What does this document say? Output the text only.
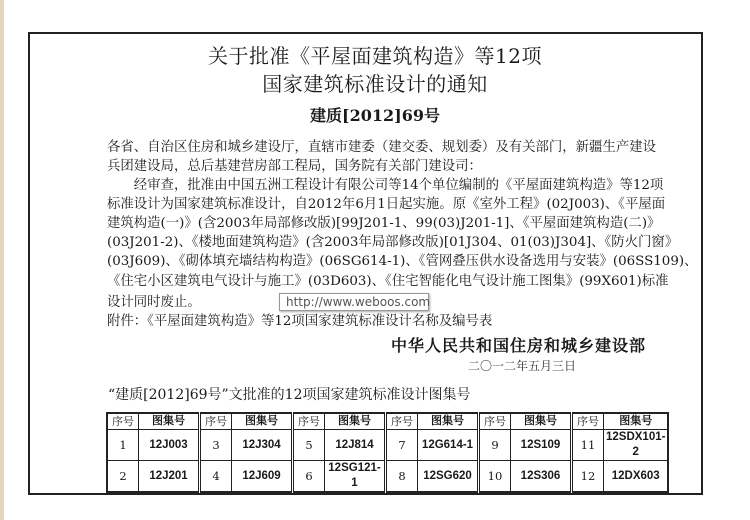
关于批准《平屋面建筑构造》等12项
国家建筑标准设计的通知
建质[2012]69号
各省、自治区住房和城乡建设厅，直辖市建委（建交委、规划委）及有关部门，新疆生产建设
兵团建设局，总后基建营房部工程局，国务院有关部门建设司：
　　经审查，批准由中国五洲工程设计有限公司等14个单位编制的《平屋面建筑构造》等12项
标准设计为国家建筑标准设计，自2012年6月1日起实施。原《室外工程》(02J003)、《平屋面
建筑构造(一)》(含2003年局部修改版)[99J201-1、99(03)J201-1]、《平屋面建筑构造(二)》
(03J201-2)、《楼地面建筑构造》(含2003年局部修改版)[01J304、01(03)J304]、《防火门窗》
(03J609)、《砌体填充墙结构构造》(06SG614-1)、《管网叠压供水设备选用与安装》(06SS109)、
《住宅小区建筑电气设计与施工》(03D603)、《住宅智能化电气设计施工图集》(99X601)标准
设计同时废止。
附件：《平屋面建筑构造》等12项国家建筑标准设计名称及编号表
中华人民共和国住房和城乡建设部
二〇一二年五月三日
“建质[2012]69号”文批准的12项国家建筑标准设计图集号
序号	图集号	序号	图集号	序号	图集号	序号	图集号	序号	图集号	序号	图集号
1	12J003	3	12J304	5	12J814	7	12G614-1	9	12S109	11	12SDX101-2
2	12J201	4	12J609	6	12SG121-1	8	12SG620	10	12S306	12	12DX603
http://www.weboos.com
